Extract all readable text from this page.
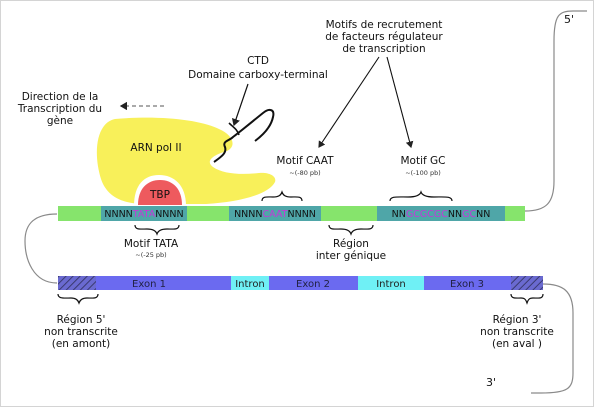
NNNNTATANNNN	NNNNCAATNNNN	NNGCGCGCNNGCNN
ARN pol II
TBP
CTD
Domaine carboxy-terminal
Direction de la
Transcription du
gène
Motifs de recrutement
de facteurs régulateur
de transcription
5'
Motif CAAT
~(-80 pb)
Motif GC
~(-100 pb)
Motif TATA
~(-25 pb)
Région
inter génique
Exon 1	Intron	Exon 2	Intron	Exon 3
Région 5'
non transcrite
(en amont)
Région 3'
non transcrite
(en aval )
3'
